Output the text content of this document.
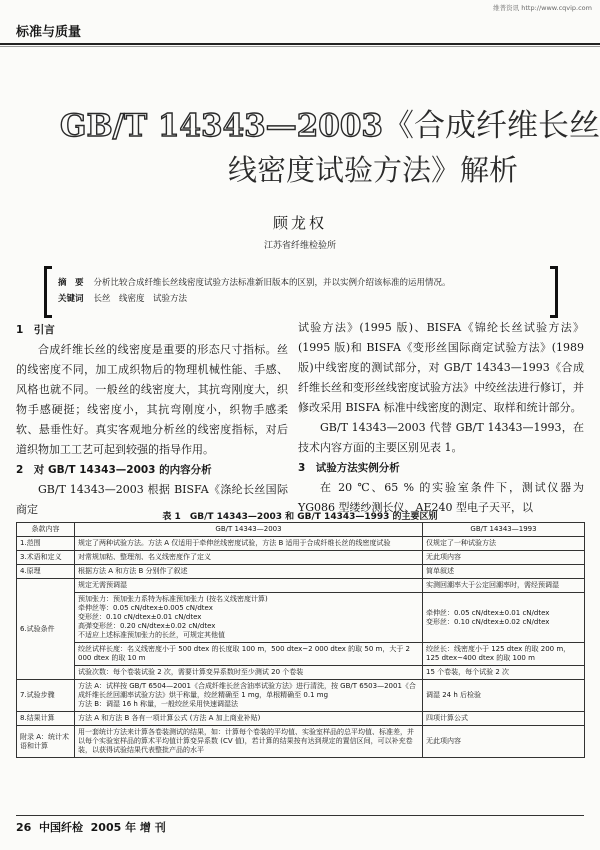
维普资讯 http://www.cqvip.com
标准与质量
GB/T 14343—2003《合成纤维长丝
线密度试验方法》解析
顾龙权
江苏省纤维检验所
摘　要 分析比较合成纤维长丝线密度试验方法标准新旧版本的区别，并以实例介绍该标准的运用情况。
关键词 长丝　线密度　试验方法

1　引言

合成纤维长丝的线密度是重要的形态尺寸指标。丝的线密度不同，加工成织物后的物理机械性能、手感、风格也就不同。一般丝的线密度大，其抗弯刚度大，织物手感硬挺；线密度小，其抗弯刚度小，织物手感柔软、悬垂性好。真实客观地分析丝的线密度指标，对后道织物加工工艺可起到较强的指导作用。

2　对 GB/T 14343—2003 的内容分析

GB/T 14343—2003 根据 BISFA《涤纶长丝国际商定

试验方法》(1995 版)、BISFA《锦纶长丝试验方法》(1995 版)和 BISFA《变形丝国际商定试验方法》(1989 版)中线密度的测试部分，对 GB/T 14343—1993《合成纤维长丝和变形丝线密度试验方法》中绞丝法进行修订，并修改采用 BISFA 标准中线密度的测定、取样和统计部分。

GB/T 14343—2003 代替 GB/T 14343—1993，在技术内容方面的主要区别见表 1。

3　试验方法实例分析

在 20 ℃、65 % 的实验室条件下，测试仪器为 YG086 型缕纱测长仪、AE240 型电子天平，以

表 1　GB/T 14343—2003 和 GB/T 14343—1993 的主要区别
条款内容	GB/T 14343—2003	GB/T 14343—1993
1.范围	规定了两种试验方法。方法 A 仅适用于牵伸丝线密度试验，方法 B 适用于合成纤维长丝的线密度试验	仅规定了一种试验方法
3.术语和定义	对常规加粘、整理剂、名义线密度作了定义	无此项内容
4.原理	根据方法 A 和方法 B 分别作了叙述	简单叙述
6.试验条件	规定无需预调湿	实测回潮率大于公定回潮率时，需经预调湿
	预加张力：预加张力系特为标准预加张力 (按名义线密度计算)
牵伸丝等：0.05 cN/dtex±0.005 cN/dtex
变形丝：0.10 cN/dtex±0.01 cN/dtex
高弹变形丝：0.20 cN/dtex±0.02 cN/dtex
不适应上述标准预加张力的长丝，可规定其他值	牵伸丝：0.05 cN/dtex±0.01 cN/dtex
变形丝：0.10 cN/dtex±0.02 cN/dtex
	绞丝试样长度：名义线密度小于 500 dtex 的长度取 100 m，500 dtex~2 000 dtex 的取 50 m，大于 2 000 dtex 的取 10 m	绞丝长：线密度小于 125 dtex 的取 200 m，125 dtex~400 dtex 的取 100 m
	试验次数：每个卷装试验 2 次，需要计算变异系数时至少测试 20 个卷装	15 个卷装，每个试验 2 次
7.试验步骤	方法 A：试样按 GB/T 6504—2001《合成纤维长丝含油率试验方法》进行清洗，按 GB/T 6503—2001《合成纤维长丝回潮率试验方法》烘干称量，绞丝精确至 1 mg，单根精确至 0.1 mg
方法 B：调湿 16 h 称量，一般绞丝采用快速调湿法	调湿 24 h 后检验
8.结果计算	方法 A 和方法 B 各有一项计算公式 (方法 A 加上商业补贴)	四项计算公式
附录 A：统计术语和计算	用一套统计方法来计算各卷装测试的结果，如：计算每个卷装的平均值、实验室样品的总平均值、标准差，并以每个实验室样品的算术平均值计算变异系数 (CV 值)，若计算的结果按有达到规定的置信区间，可以补充卷装，以获得试验结果代表整批产品的水平	无此项内容
26 中国纤检 2005 年 增 刊
